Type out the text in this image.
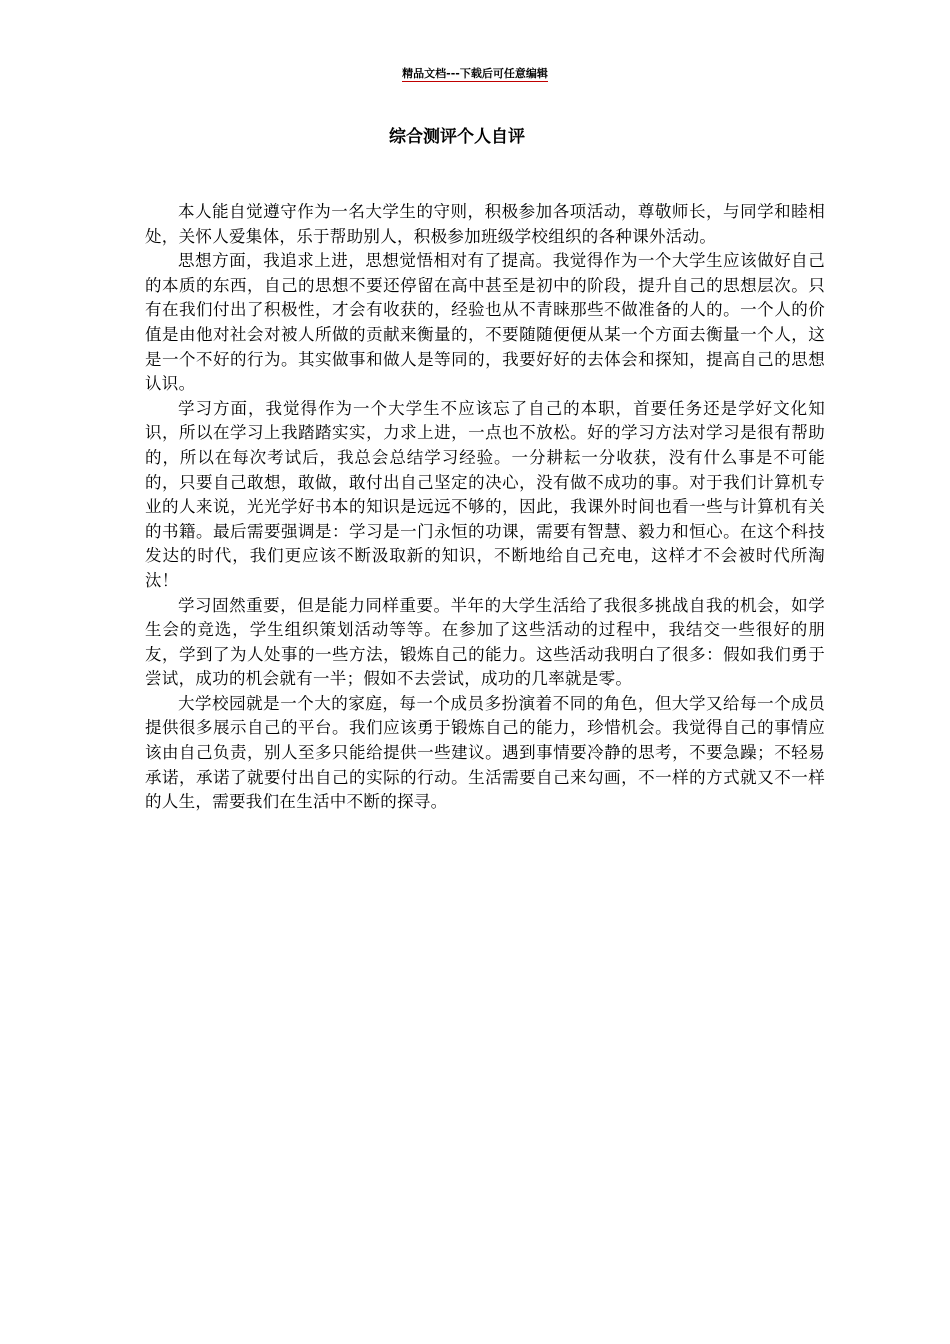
精品文档---下载后可任意编辑
综合测评个人自评

本人能自觉遵守作为一名大学生的守则，积极参加各项活动，尊敬师长，与同学和睦相处，关怀人爱集体，乐于帮助别人，积极参加班级学校组织的各种课外活动。

思想方面，我追求上进，思想觉悟相对有了提高。我觉得作为一个大学生应该做好自己的本质的东西，自己的思想不要还停留在高中甚至是初中的阶段，提升自己的思想层次。只有在我们付出了积极性，才会有收获的，经验也从不青睐那些不做准备的人的。一个人的价值是由他对社会对被人所做的贡献来衡量的，不要随随便便从某一个方面去衡量一个人，这是一个不好的行为。其实做事和做人是等同的，我要好好的去体会和探知，提高自己的思想认识。

学习方面，我觉得作为一个大学生不应该忘了自己的本职，首要任务还是学好文化知识，所以在学习上我踏踏实实，力求上进，一点也不放松。好的学习方法对学习是很有帮助的，所以在每次考试后，我总会总结学习经验。一分耕耘一分收获，没有什么事是不可能的，只要自己敢想，敢做，敢付出自己坚定的决心，没有做不成功的事。对于我们计算机专业的人来说，光光学好书本的知识是远远不够的，因此，我课外时间也看一些与计算机有关的书籍。最后需要强调是：学习是一门永恒的功课，需要有智慧、毅力和恒心。在这个科技发达的时代，我们更应该不断汲取新的知识，不断地给自己充电，这样才不会被时代所淘汰！

学习固然重要，但是能力同样重要。半年的大学生活给了我很多挑战自我的机会，如学生会的竞选，学生组织策划活动等等。在参加了这些活动的过程中，我结交一些很好的朋友，学到了为人处事的一些方法，锻炼自己的能力。这些活动我明白了很多：假如我们勇于尝试，成功的机会就有一半；假如不去尝试，成功的几率就是零。

大学校园就是一个大的家庭，每一个成员多扮演着不同的角色，但大学又给每一个成员提供很多展示自己的平台。我们应该勇于锻炼自己的能力，珍惜机会。我觉得自己的事情应该由自己负责，别人至多只能给提供一些建议。遇到事情要冷静的思考，不要急躁；不轻易承诺，承诺了就要付出自己的实际的行动。生活需要自己来勾画，不一样的方式就又不一样的人生，需要我们在生活中不断的探寻。
